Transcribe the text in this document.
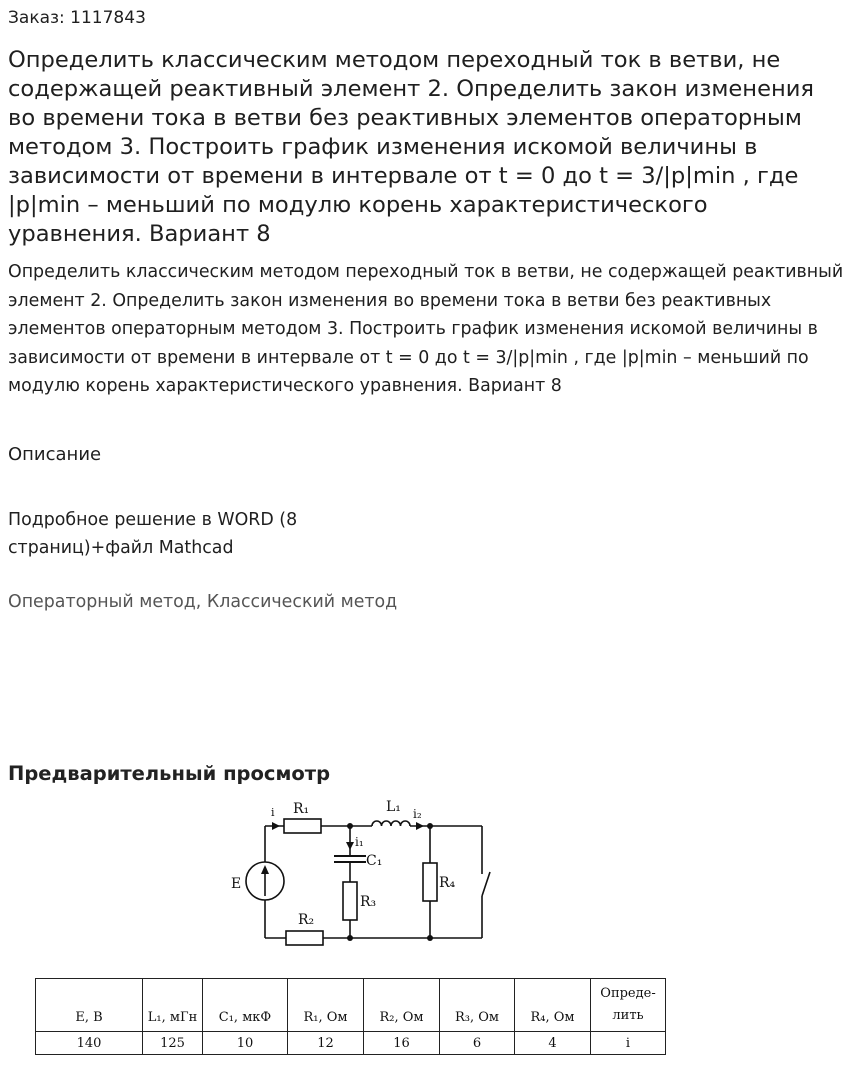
Заказ: 1117843
Определить классическим методом переходный ток в ветви, не содержащей реактивный элемент 2. Определить закон изменения во времени тока в ветви без реактивных элементов операторным методом 3. Построить график изменения искомой величины в зависимости от времени в интервале от t = 0 до t = 3/|p|min , где |p|min – меньший по модулю корень характеристического уравнения. Вариант 8
Определить классическим методом переходный ток в ветви, не содержащей реактивный элемент 2. Определить закон изменения во времени тока в ветви без реактивных элементов операторным методом 3. Построить график изменения искомой величины в зависимости от времени в интервале от t = 0 до t = 3/|p|min , где |p|min – меньший по модулю корень характеристического уравнения. Вариант 8
Описание
Подробное решение в WORD (8 страниц)+файл Mathcad
Операторный метод, Классический метод
Предварительный просмотр
i R₁	L₁ i₂
i₁
C₁
E
R₃
R₄
R₂
E, В	L₁, мГн	C₁, мкФ	R₁, Ом	R₂, Ом	R₃, Ом	R₄, Ом	Опреде-
лить

140	125	10	12	16	6	4	i
